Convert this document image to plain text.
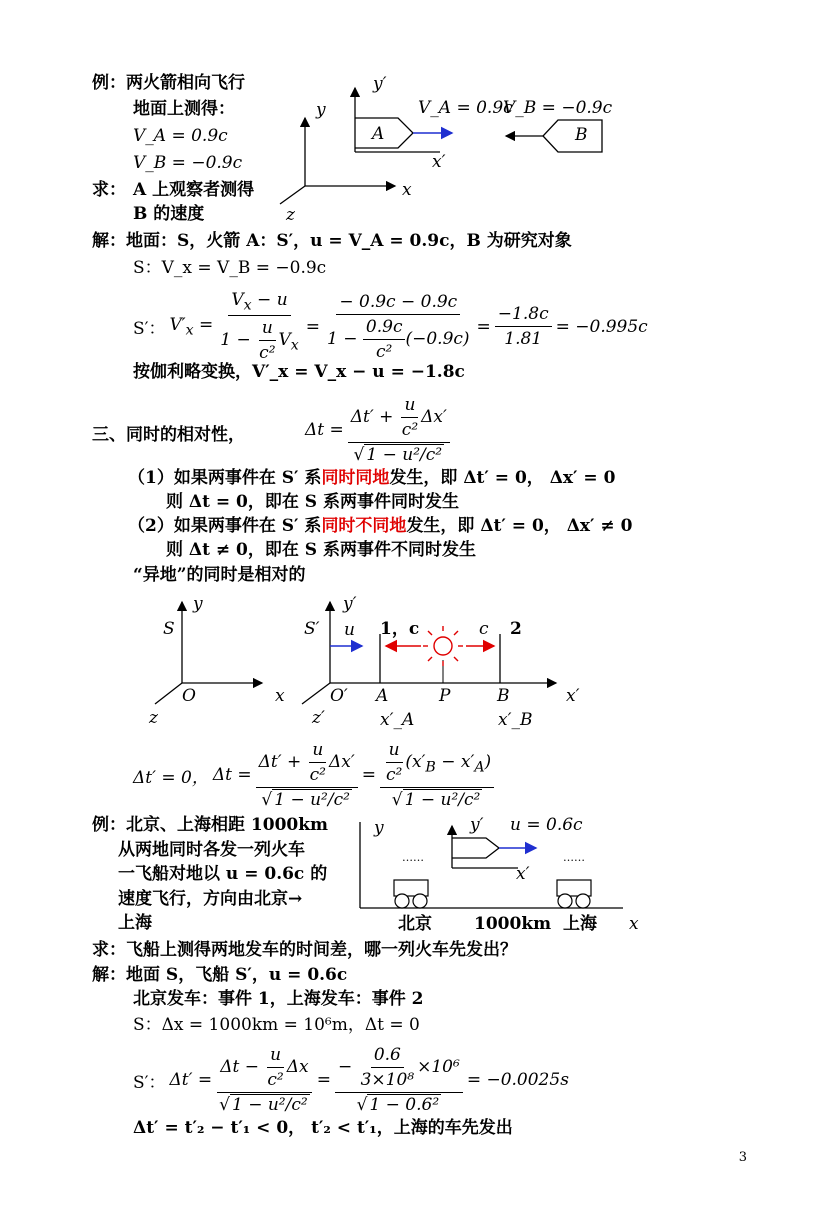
例：两火箭相向飞行
地面上测得：
V_A = 0.9c
V_B = −0.9c
求： A 上观察者测得
B 的速度
y
y′
x
x′
z
A	B
V_A = 0.9c
V_B = −0.9c
解：地面：S，火箭 A：S′，u = V_A = 0.9c，B 为研究对象
S：V_x = V_B = −0.9c
S′： $V'_x = \frac{V_x - u}{1 - \frac{u}{\text{c²}} V_x} = \frac{- 0.9c - 0.9c}{1 - \frac{0.9c}{\text{c²}} (-0.9c)} = \frac{-1.8c}{1.81} = -0.995c$
按伽利略变换，V′_x = V_x − u = −1.8c
三、同时的相对性，	$\Delta t = \frac{\Delta t' + \frac{u}{\text{c²}} \Delta x'}{\text{√ 1 − u²/c²}}$
（1）如果两事件在 S′ 系同时同地发生，即 Δt′ = 0， Δx′ = 0
则 Δt = 0，即在 S 系两事件同时发生
（2）如果两事件在 S′ 系同时不同地发生，即 Δt′ = 0， Δx′ ≠ 0
则 Δt ≠ 0，即在 S 系两事件不同时发生
“异地”的同时是相对的
S
y
O	x
z
S′
y′
u 1，c	c 2
O′ A	P	B	x′
z′	x′_A	x′_B
Δt′ = 0， $\Delta t = \frac{\Delta t' + \frac{u}{\text{c²}} \Delta x'}{\text{√ 1 − u²/c²}} = \frac{\frac{u}{\text{c²}} (x'_B - x'_A)}{\text{√ 1 − u²/c²}}$
例：北京、上海相距 1000km
从两地同时各发一列火车
一飞船对地以 u = 0.6c 的
速度飞行，方向由北京→
上海
y	y′ u = 0.6c
x′
……	……
北京 1000km 上海 x
求：飞船上测得两地发车的时间差，哪一列火车先发出？
解：地面 S，飞船 S′，u = 0.6c
北京发车：事件 1，上海发车：事件 2
S：Δx = 1000km = 10⁶m，Δt = 0
S′： $\Delta t' = \frac{\Delta t - \frac{u}{\text{c²}} \Delta x}{\text{√ 1 − u²/c²}} = \frac{- \frac{0.6}{\text{3×10⁸}} \times 10^6}{\text{√ 1 − 0.6²}} = -0.0025s$
Δt′ = t′₂ − t′₁ < 0， t′₂ < t′₁，上海的车先发出
3
